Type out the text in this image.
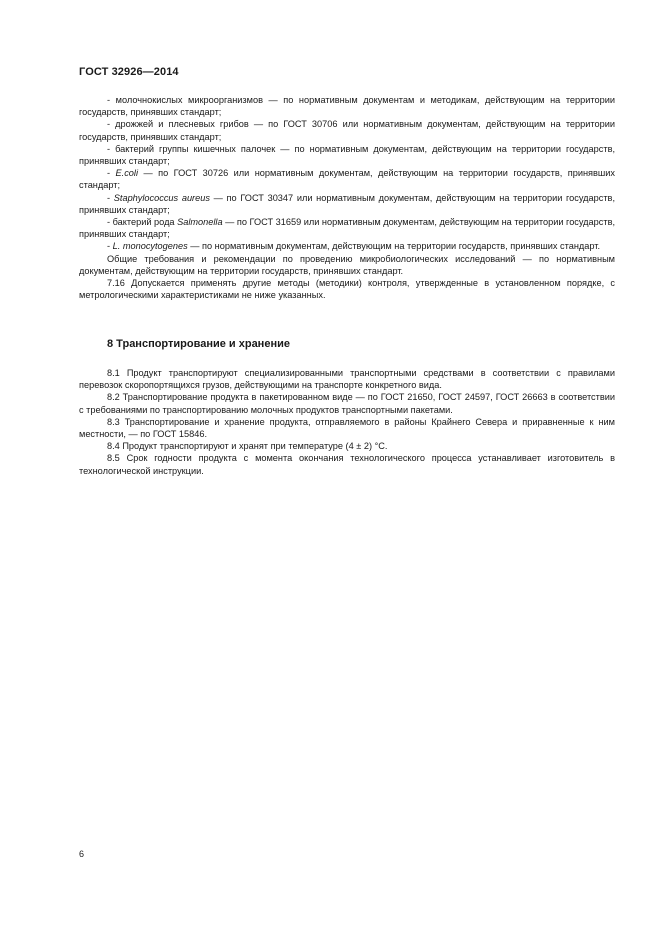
ГОСТ 32926—2014

- молочнокислых микроорганизмов — по нормативным документам и методикам, действующим на территории государств, принявших стандарт;

- дрожжей и плесневых грибов — по ГОСТ 30706 или нормативным документам, действующим на территории государств, принявших стандарт;

- бактерий группы кишечных палочек — по нормативным документам, действующим на территории государств, принявших стандарт;

- E.coli — по ГОСТ 30726 или нормативным документам, действующим на территории государств, принявших стандарт;

- Staphylococcus aureus — по ГОСТ 30347 или нормативным документам, действующим на территории государств, принявших стандарт;

- бактерий рода Salmonella — по ГОСТ 31659 или нормативным документам, действующим на территории государств, принявших стандарт;

- L. monocytogenes — по нормативным документам, действующим на территории государств, принявших стандарт.

Общие требования и рекомендации по проведению микробиологических исследований — по нормативным документам, действующим на территории государств, принявших стандарт.

7.16 Допускается применять другие методы (методики) контроля, утвержденные в установленном порядке, с метрологическими характеристиками не ниже указанных.

8 Транспортирование и хранение

8.1 Продукт транспортируют специализированными транспортными средствами в соответствии с правилами перевозок скоропортящихся грузов, действующими на транспорте конкретного вида.

8.2 Транспортирование продукта в пакетированном виде — по ГОСТ 21650, ГОСТ 24597, ГОСТ 26663 в соответствии с требованиями по транспортированию молочных продуктов транспортными пакетами.

8.3 Транспортирование и хранение продукта, отправляемого в районы Крайнего Севера и приравненные к ним местности, — по ГОСТ 15846.

8.4 Продукт транспортируют и хранят при температуре (4 ± 2) °С.

8.5 Срок годности продукта с момента окончания технологического процесса устанавливает изготовитель в технологической инструкции.

6
